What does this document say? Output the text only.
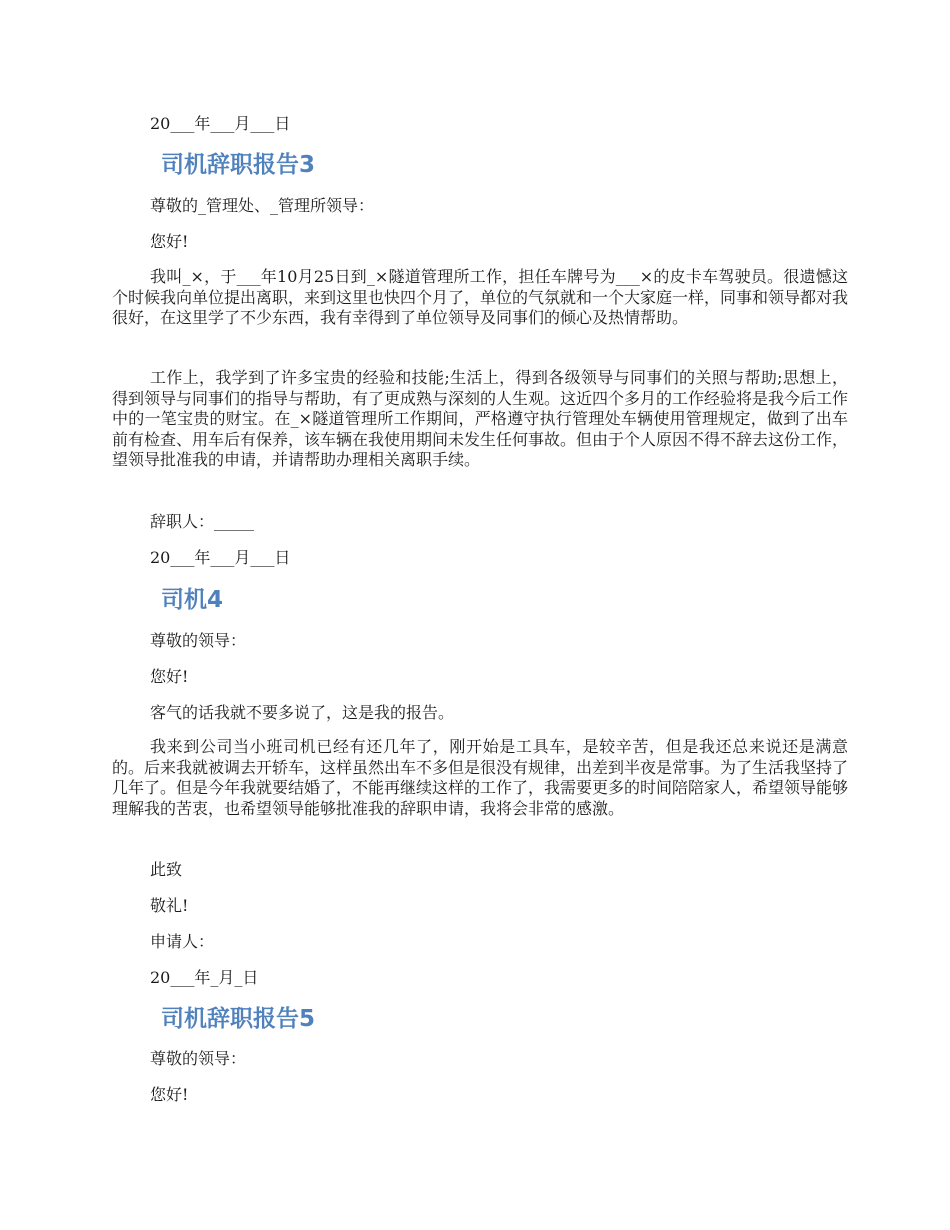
20___年___月___日

司机辞职报告3

尊敬的_管理处、_管理所领导：

您好!

我叫_×，于___年10月25日到_×隧道管理所工作，担任车牌号为___×的皮卡车驾驶员。很遗憾这个时候我向单位提出离职，来到这里也快四个月了，单位的气氛就和一个大家庭一样，同事和领导都对我很好，在这里学了不少东西，我有幸得到了单位领导及同事们的倾心及热情帮助。

工作上，我学到了许多宝贵的经验和技能;生活上，得到各级领导与同事们的关照与帮助;思想上，得到领导与同事们的指导与帮助，有了更成熟与深刻的人生观。这近四个多月的工作经验将是我今后工作中的一笔宝贵的财宝。在_×隧道管理所工作期间，严格遵守执行管理处车辆使用管理规定，做到了出车前有检查、用车后有保养，该车辆在我使用期间未发生任何事故。但由于个人原因不得不辞去这份工作，望领导批准我的申请，并请帮助办理相关离职手续。

辞职人：_____

20___年___月___日

司机4

尊敬的领导：

您好!

客气的话我就不要多说了，这是我的报告。

我来到公司当小班司机已经有还几年了，刚开始是工具车，是较辛苦，但是我还总来说还是满意的。后来我就被调去开轿车，这样虽然出车不多但是很没有规律，出差到半夜是常事。为了生活我坚持了几年了。但是今年我就要结婚了，不能再继续这样的工作了，我需要更多的时间陪陪家人，希望领导能够理解我的苦衷，也希望领导能够批准我的辞职申请，我将会非常的感激。

此致

敬礼!

申请人：

20___年_月_日

司机辞职报告5

尊敬的领导：

您好!
